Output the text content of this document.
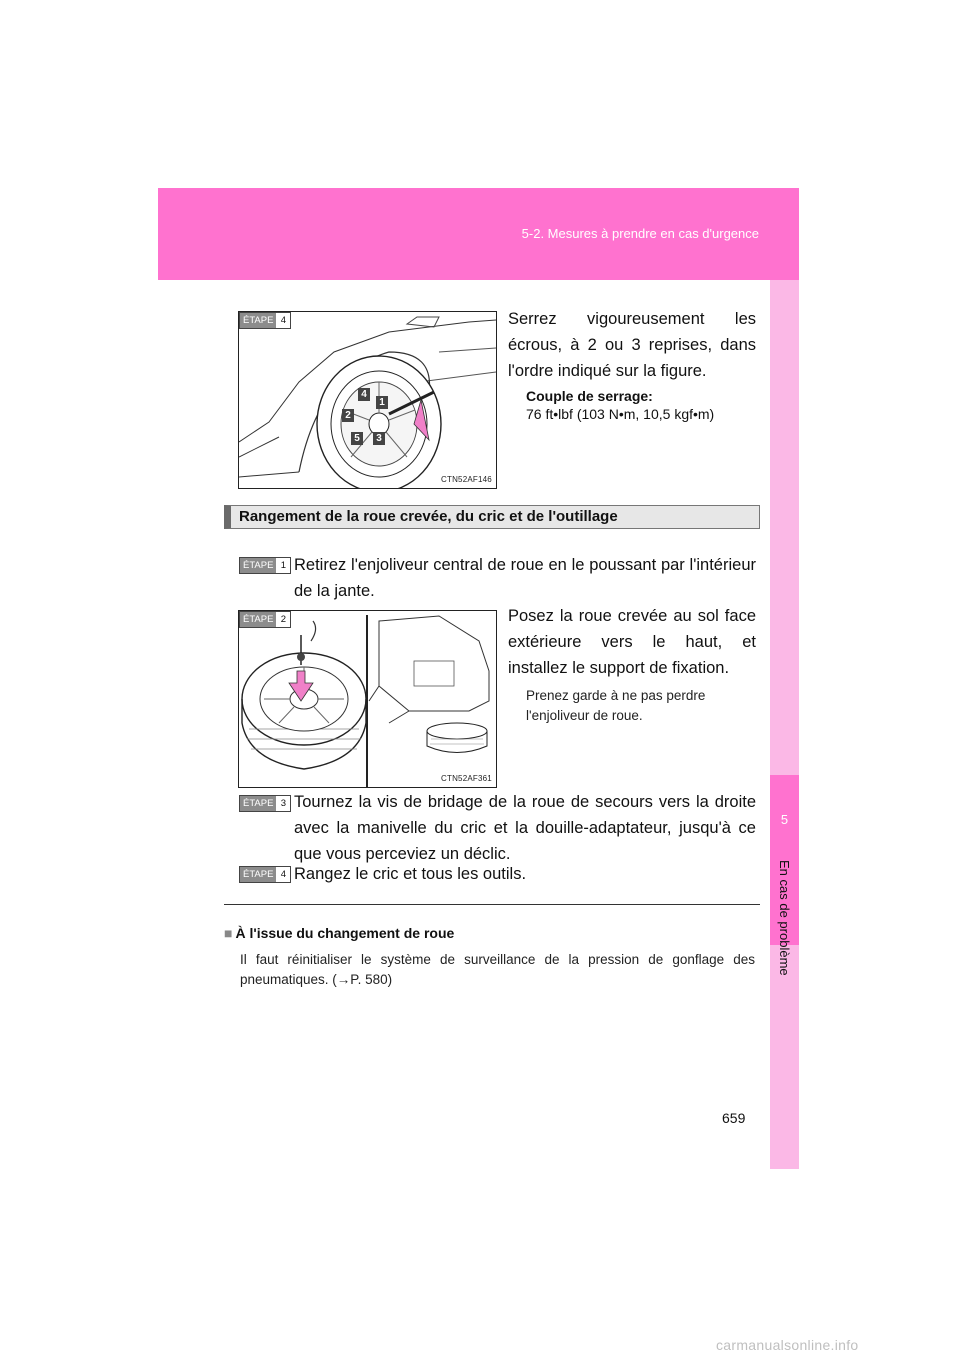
5-2. Mesures à prendre en cas d'urgence
5
En cas de problème
4
1
2
5	3
CTN52AF146
ÉTAPE 4	Serrez vigoureusement les écrous, à 2 ou 3 reprises, dans l'ordre indiqué sur la figure.
Couple de serrage:
76 ft•lbf (103 N•m, 10,5 kgf•m)
Rangement de la roue crevée, du cric et de l'outillage
ÉTAPE 1 Retirez l'enjoliveur central de roue en le poussant par l'intérieur de la jante.
CTN52AF361
ÉTAPE 2	Posez la roue crevée au sol face extérieure vers le haut, et installez le support de fixation.
Prenez garde à ne pas perdre l'enjoliveur de roue.
ÉTAPE 3 Tournez la vis de bridage de la roue de secours vers la droite avec la manivelle du cric et la douille-adaptateur, jusqu'à ce que vous perceviez un déclic.
ÉTAPE 4 Rangez le cric et tous les outils.
■ À l'issue du changement de roue
Il faut réinitialiser le système de surveillance de la pression de gonflage des pneumatiques. (→P. 580)
659
carmanualsonline.info
